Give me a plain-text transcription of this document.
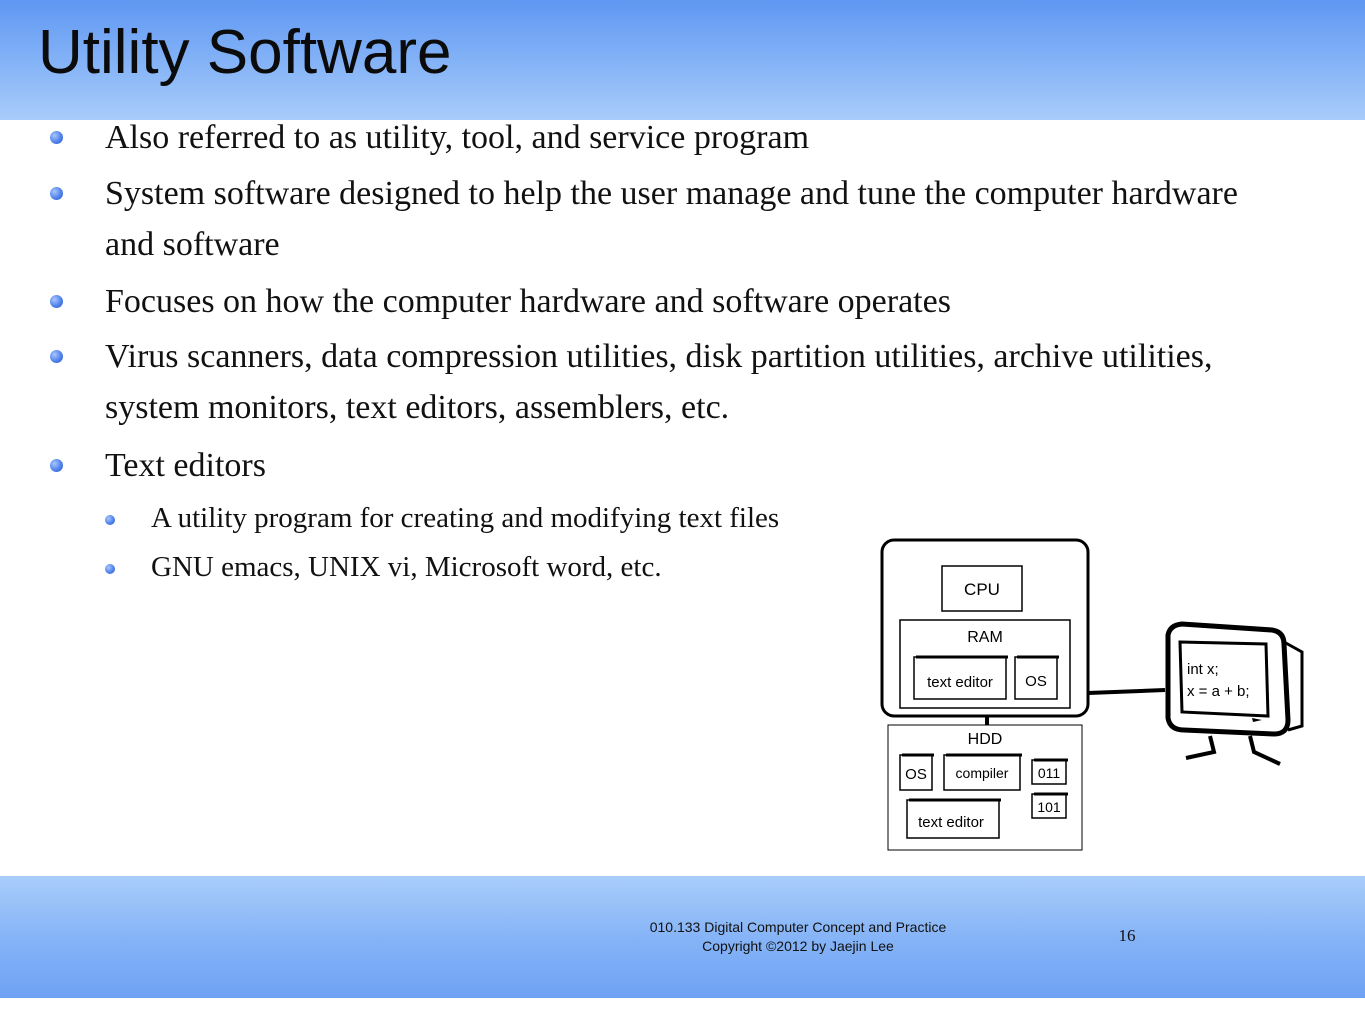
Utility Software
Also referred to as utility, tool, and service program
System software designed to help the user manage and tune the computer hardware and software
Focuses on how the computer hardware and software operates
Virus scanners, data compression utilities, disk partition utilities, archive utilities, system monitors, text editors, assemblers, etc.
Text editors
A utility program for creating and modifying text files
GNU emacs, UNIX vi, Microsoft word, etc.
CPU
RAM
text editor OS
HDD
OS compiler 011
101
text editor
int x;
x = a + b;
010.133 Digital Computer Concept and Practice
Copyright ©2012 by Jaejin Lee
16
